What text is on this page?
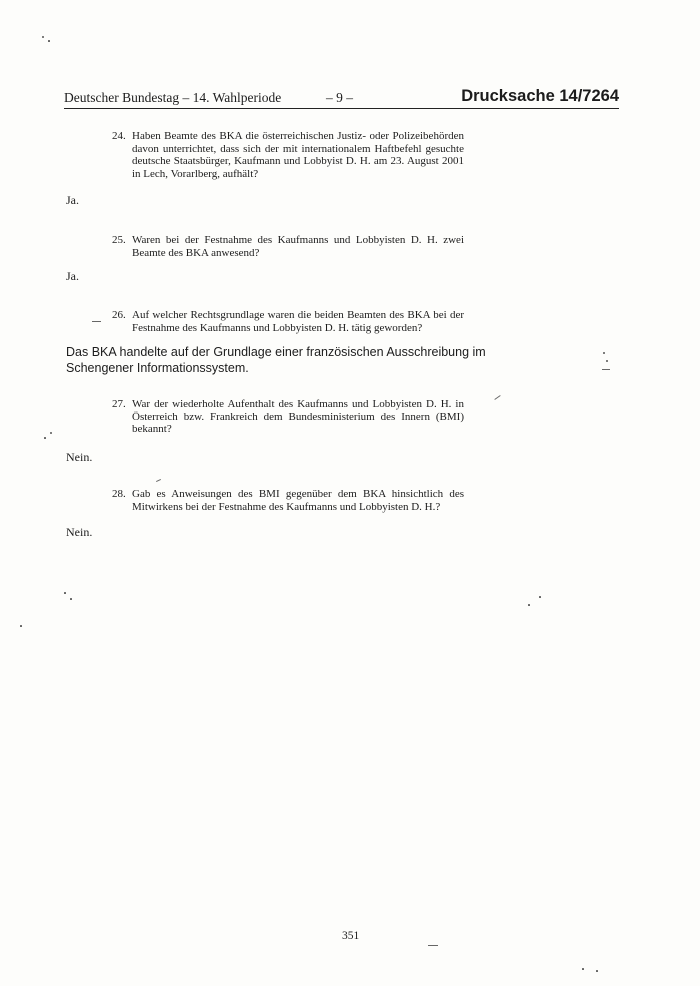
Deutscher Bundestag – 14. Wahlperiode	– 9 –	Drucksache 14/7264
24. Haben Beamte des BKA die österreichischen Justiz- oder Polizeibehörden davon unterrichtet, dass sich der mit internationalem Haftbefehl gesuchte deutsche Staatsbürger, Kaufmann und Lobbyist D. H. am 23. August 2001 in Lech, Vorarlberg, aufhält?
Ja.
25. Waren bei der Festnahme des Kaufmanns und Lobbyisten D. H. zwei Beamte des BKA anwesend?
Ja.
26. Auf welcher Rechtsgrundlage waren die beiden Beamten des BKA bei der Festnahme des Kaufmanns und Lobbyisten D. H. tätig geworden?
Das BKA handelte auf der Grundlage einer französischen Ausschreibung im Schengener Informationssystem.
27. War der wiederholte Aufenthalt des Kaufmanns und Lobbyisten D. H. in Österreich bzw. Frankreich dem Bundesministerium des Innern (BMI) bekannt?
Nein.
28. Gab es Anweisungen des BMI gegenüber dem BKA hinsichtlich des Mitwirkens bei der Festnahme des Kaufmanns und Lobbyisten D. H.?
Nein.
351
